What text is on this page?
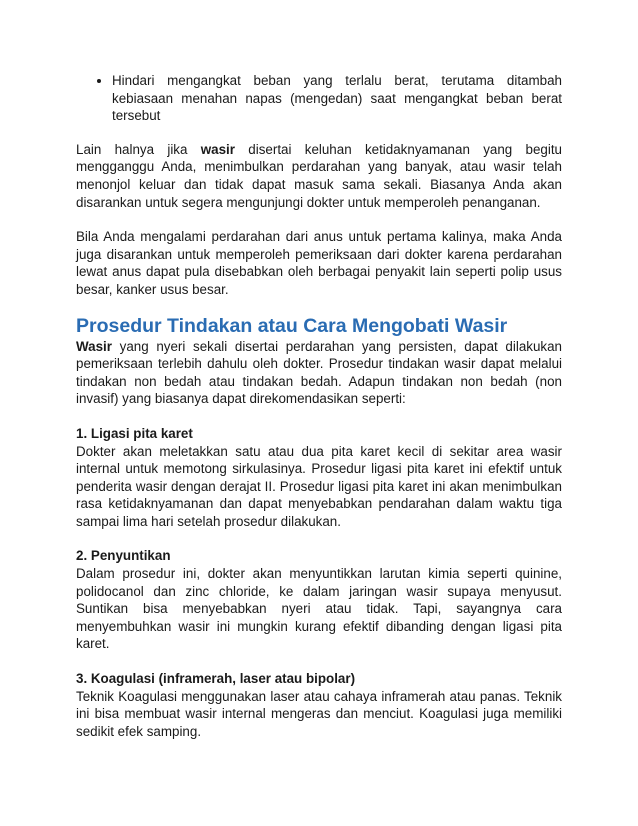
• Hindari mengangkat beban yang terlalu berat, terutama ditambah kebiasaan menahan napas (mengedan) saat mengangkat beban berat tersebut

Lain halnya jika wasir disertai keluhan ketidaknyamanan yang begitu mengganggu Anda, menimbulkan perdarahan yang banyak, atau wasir telah menonjol keluar dan tidak dapat masuk sama sekali. Biasanya Anda akan disarankan untuk segera mengunjungi dokter untuk memperoleh penanganan.

Bila Anda mengalami perdarahan dari anus untuk pertama kalinya, maka Anda juga disarankan untuk memperoleh pemeriksaan dari dokter karena perdarahan lewat anus dapat pula disebabkan oleh berbagai penyakit lain seperti polip usus besar, kanker usus besar.

Prosedur Tindakan atau Cara Mengobati Wasir

Wasir yang nyeri sekali disertai perdarahan yang persisten, dapat dilakukan pemeriksaan terlebih dahulu oleh dokter. Prosedur tindakan wasir dapat melalui tindakan non bedah atau tindakan bedah. Adapun tindakan non bedah (non invasif) yang biasanya dapat direkomendasikan seperti:

1. Ligasi pita karet

Dokter akan meletakkan satu atau dua pita karet kecil di sekitar area wasir internal untuk memotong sirkulasinya. Prosedur ligasi pita karet ini efektif untuk penderita wasir dengan derajat II. Prosedur ligasi pita karet ini akan menimbulkan rasa ketidaknyamanan dan dapat menyebabkan pendarahan dalam waktu tiga sampai lima hari setelah prosedur dilakukan.

2. Penyuntikan

Dalam prosedur ini, dokter akan menyuntikkan larutan kimia seperti quinine, polidocanol dan zinc chloride, ke dalam jaringan wasir supaya menyusut. Suntikan bisa menyebabkan nyeri atau tidak. Tapi, sayangnya cara menyembuhkan wasir ini mungkin kurang efektif dibanding dengan ligasi pita karet.

3. Koagulasi (inframerah, laser atau bipolar)

Teknik Koagulasi menggunakan laser atau cahaya inframerah atau panas. Teknik ini bisa membuat wasir internal mengeras dan menciut. Koagulasi juga memiliki sedikit efek samping.
